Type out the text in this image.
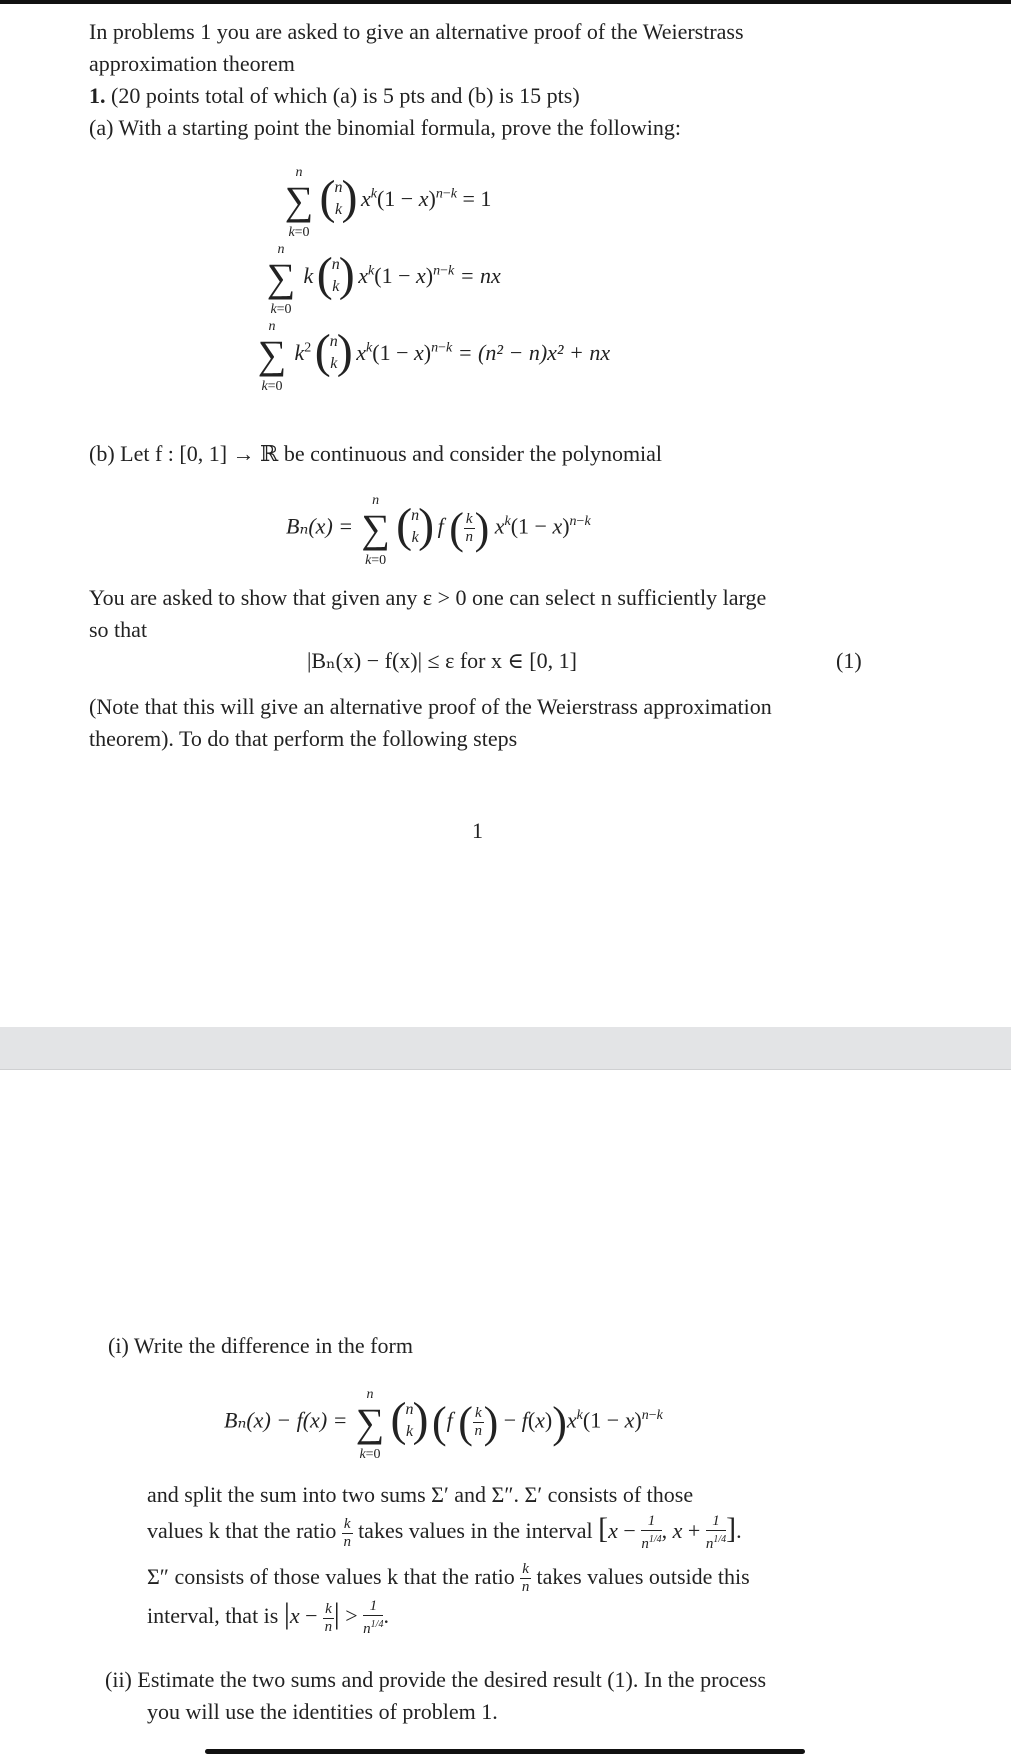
In problems 1 you are asked to give an alternative proof of the Weierstrass
approximation theorem
1. (20 points total of which (a) is 5 pts and (b) is 15 pts)
(a) With a starting point the binomial formula, prove the following:
n
∑
k=0

( n
k ) $x^k(1 - x)^{n-k} = 1$
n
∑
k=0
k ( n
k ) $x^k(1 - x)^{n-k}$ = nx
n
∑
k=0
$k^2$ ( n
k ) $x^k(1 - x)^{n-k} = (n^2 - n)x^2$ + nx
(b) Let f : [0, 1] → ℝ be continuous and consider the polynomial
Bₙ(x) =
n
∑
k=0

( n
k ) f ( $\frac{k}{n}$ ) $x^k(1 - x)^{n-k}$
You are asked to show that given any ε > 0 one can select n sufficiently large
so that
|Bₙ(x) − f(x)| ≤ ε for x ∈ [0, 1]	(1)
(Note that this will give an alternative proof of the Weierstrass approximation
theorem). To do that perform the following steps
1
(i) Write the difference in the form
Bₙ(x) − f(x) =
n
∑
k=0

( n
k ) (f ( $\frac{k}{n}$ ) − $f(x))x^k(1 - x)^{n-k}$
and split the sum into two sums Σ′ and Σ″. Σ′ consists of those
values k that the ratio $\frac{k}{n}$ takes values in the interval [$x - \frac{1}{n^{1/4}}$ , $x + \frac{1}{n^{1/4}}$ ].
Σ″ consists of those values k that the ratio $\frac{k}{n}$ takes values outside this
interval, that is $|x - \frac{k}{n}$ | > $\frac{1}{n^{1/4}}$ .
(ii) Estimate the two sums and provide the desired result (1). In the process
you will use the identities of problem 1.
